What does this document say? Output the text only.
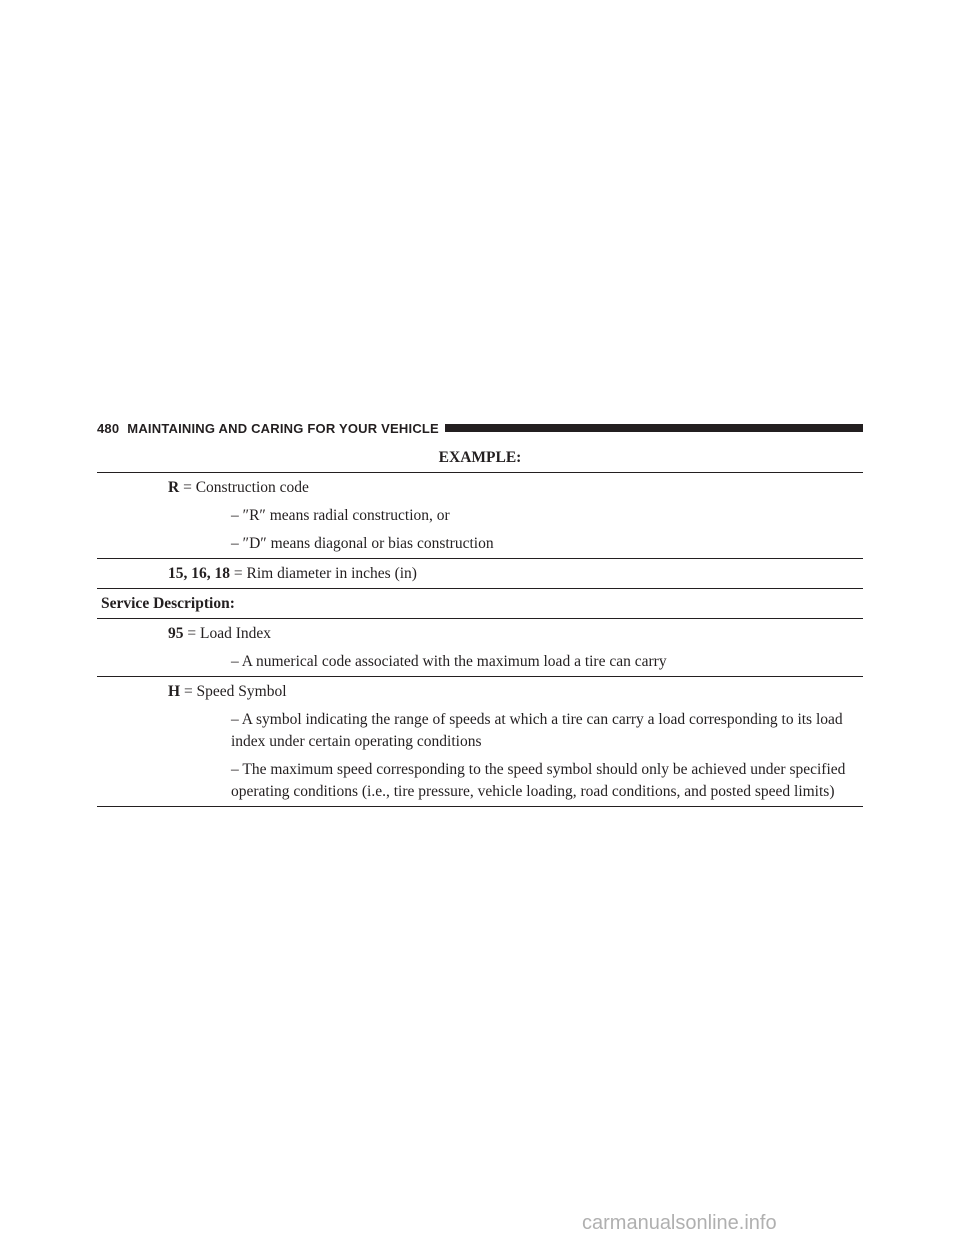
480 MAINTAINING AND CARING FOR YOUR VEHICLE
EXAMPLE:
R = Construction code
– ″R″ means radial construction, or
– ″D″ means diagonal or bias construction
15, 16, 18 = Rim diameter in inches (in)
Service Description:
95 = Load Index
– A numerical code associated with the maximum load a tire can carry
H = Speed Symbol
– A symbol indicating the range of speeds at which a tire can carry a load corresponding to its load index under certain operating conditions
– The maximum speed corresponding to the speed symbol should only be achieved under specified operating conditions (i.e., tire pressure, vehicle loading, road conditions, and posted speed limits)
carmanualsonline.info
